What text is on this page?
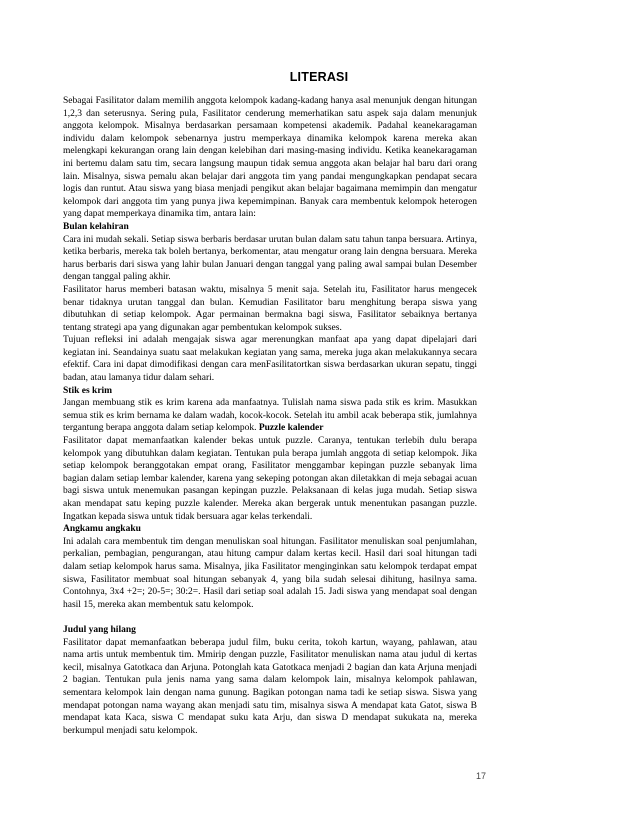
LITERASI

Sebagai Fasilitator dalam memilih anggota kelompok kadang-kadang hanya asal menunjuk dengan hitungan 1,2,3 dan seterusnya. Sering pula, Fasilitator cenderung memerhatikan satu aspek saja dalam menunjuk anggota kelompok. Misalnya berdasarkan persamaan kompetensi akademik. Padahal keanekaragaman individu dalam kelompok sebenarnya justru memperkaya dinamika kelompok karena mereka akan melengkapi kekurangan orang lain dengan kelebihan dari masing-masing individu. Ketika keanekaragaman ini bertemu dalam satu tim, secara langsung maupun tidak semua anggota akan belajar hal baru dari orang lain. Misalnya, siswa pemalu akan belajar dari anggota tim yang pandai mengungkapkan pendapat secara logis dan runtut. Atau siswa yang biasa menjadi pengikut akan belajar bagaimana memimpin dan mengatur kelompok dari anggota tim yang punya jiwa kepemimpinan. Banyak cara membentuk kelompok heterogen yang dapat memperkaya dinamika tim, antara lain:

Bulan kelahiran

Cara ini mudah sekali. Setiap siswa berbaris berdasar urutan bulan dalam satu tahun tanpa bersuara. Artinya, ketika berbaris, mereka tak boleh bertanya, berkomentar, atau mengatur orang lain dengna bersuara. Mereka harus berbaris dari siswa yang lahir bulan Januari dengan tanggal yang paling awal sampai bulan Desember dengan tanggal paling akhir.

Fasilitator harus memberi batasan waktu, misalnya 5 menit saja. Setelah itu, Fasilitator harus mengecek benar tidaknya urutan tanggal dan bulan. Kemudian Fasilitator baru menghitung berapa siswa yang dibutuhkan di setiap kelompok. Agar permainan bermakna bagi siswa, Fasilitator sebaiknya bertanya tentang strategi apa yang digunakan agar pembentukan kelompok sukses.

Tujuan refleksi ini adalah mengajak siswa agar merenungkan manfaat apa yang dapat dipelajari dari kegiatan ini. Seandainya suatu saat melakukan kegiatan yang sama, mereka juga akan melakukannya secara efektif. Cara ini dapat dimodifikasi dengan cara menFasilitatortkan siswa berdasarkan ukuran sepatu, tinggi badan, atau lamanya tidur dalam sehari.

Stik es krim

Jangan membuang stik es krim karena ada manfaatnya. Tulislah nama siswa pada stik es krim. Masukkan semua stik es krim bernama ke dalam wadah, kocok-kocok. Setelah itu ambil acak beberapa stik, jumlahnya tergantung berapa anggota dalam setiap kelompok. Puzzle kalender

Fasilitator dapat memanfaatkan kalender bekas untuk puzzle. Caranya, tentukan terlebih dulu berapa kelompok yang dibutuhkan dalam kegiatan. Tentukan pula berapa jumlah anggota di setiap kelompok. Jika setiap kelompok beranggotakan empat orang, Fasilitator menggambar kepingan puzzle sebanyak lima bagian dalam setiap lembar kalender, karena yang sekeping potongan akan diletakkan di meja sebagai acuan bagi siswa untuk menemukan pasangan kepingan puzzle. Pelaksanaan di kelas juga mudah. Setiap siswa akan mendapat satu keping puzzle kalender. Mereka akan bergerak untuk menentukan pasangan puzzle. Ingatkan kepada siswa untuk tidak bersuara agar kelas terkendali.

Angkamu angkaku

Ini adalah cara membentuk tim dengan menuliskan soal hitungan. Fasilitator menuliskan soal penjumlahan, perkalian, pembagian, pengurangan, atau hitung campur dalam kertas kecil. Hasil dari soal hitungan tadi dalam setiap kelompok harus sama. Misalnya, jika Fasilitator menginginkan satu kelompok terdapat empat siswa, Fasilitator membuat soal hitungan sebanyak 4, yang bila sudah selesai dihitung, hasilnya sama. Contohnya, 3x4 +2=; 20-5=; 30:2=. Hasil dari setiap soal adalah 15. Jadi siswa yang mendapat soal dengan hasil 15, mereka akan membentuk satu kelompok.

Judul yang hilang

Fasilitator dapat memanfaatkan beberapa judul film, buku cerita, tokoh kartun, wayang, pahlawan, atau nama artis untuk membentuk tim. Mmirip dengan puzzle, Fasilitator menuliskan nama atau judul di kertas kecil, misalnya Gatotkaca dan Arjuna. Potonglah kata Gatotkaca menjadi 2 bagian dan kata Arjuna menjadi 2 bagian. Tentukan pula jenis nama yang sama dalam kelompok lain, misalnya kelompok pahlawan, sementara kelompok lain dengan nama gunung. Bagikan potongan nama tadi ke setiap siswa. Siswa yang mendapat potongan nama wayang akan menjadi satu tim, misalnya siswa A mendapat kata Gatot, siswa B mendapat kata Kaca, siswa C mendapat suku kata Arju, dan siswa D mendapat sukukata na, mereka berkumpul menjadi satu kelompok.

17
